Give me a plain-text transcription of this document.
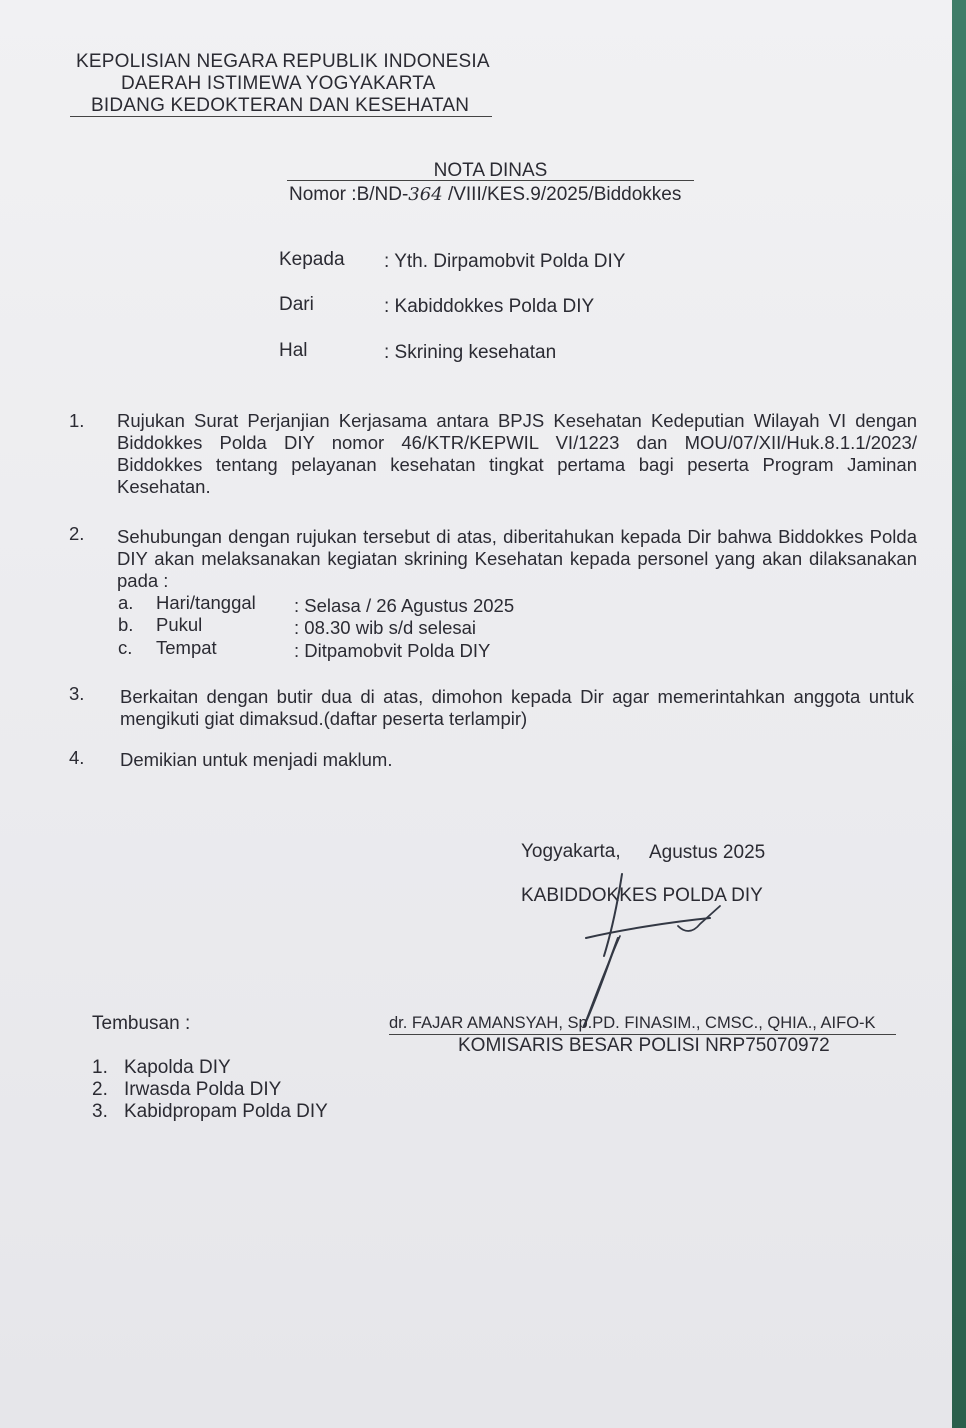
KEPOLISIAN NEGARA REPUBLIK INDONESIA
DAERAH ISTIMEWA YOGYAKARTA
BIDANG KEDOKTERAN DAN KESEHATAN
NOTA DINAS
Nomor :B/ND-364 /VIII/KES.9/2025/Biddokkes
Kepada : Yth. Dirpamobvit Polda DIY
Dari	: Kabiddokkes Polda DIY
Hal	: Skrining kesehatan
1. Rujukan Surat Perjanjian Kerjasama antara BPJS Kesehatan Kedeputian Wilayah VI dengan Biddokkes Polda DIY nomor 46/KTR/KEPWIL VI/1223 dan MOU/07/XII/Huk.8.1.1/2023/ Biddokkes tentang pelayanan kesehatan tingkat pertama bagi peserta Program Jaminan Kesehatan.
2. Sehubungan dengan rujukan tersebut di atas, diberitahukan kepada Dir bahwa Biddokkes Polda DIY akan melaksanakan kegiatan skrining Kesehatan kepada personel yang akan dilaksanakan pada :
a. Hari/tanggal : Selasa / 26 Agustus 2025
b. Pukul	: 08.30 wib s/d selesai
c. Tempat	: Ditpamobvit Polda DIY
3. Berkaitan dengan butir dua di atas, dimohon kepada Dir agar memerintahkan anggota untuk mengikuti giat dimaksud.(daftar peserta terlampir)
4. Demikian untuk menjadi maklum.
Yogyakarta, Agustus 2025
KABIDDOKKES POLDA DIY
dr. FAJAR AMANSYAH, Sp.PD. FINASIM., CMSC., QHIA., AIFO-K
KOMISARIS BESAR POLISI NRP75070972
Tembusan :
1. Kapolda DIY
2. Irwasda Polda DIY
3. Kabidpropam Polda DIY
